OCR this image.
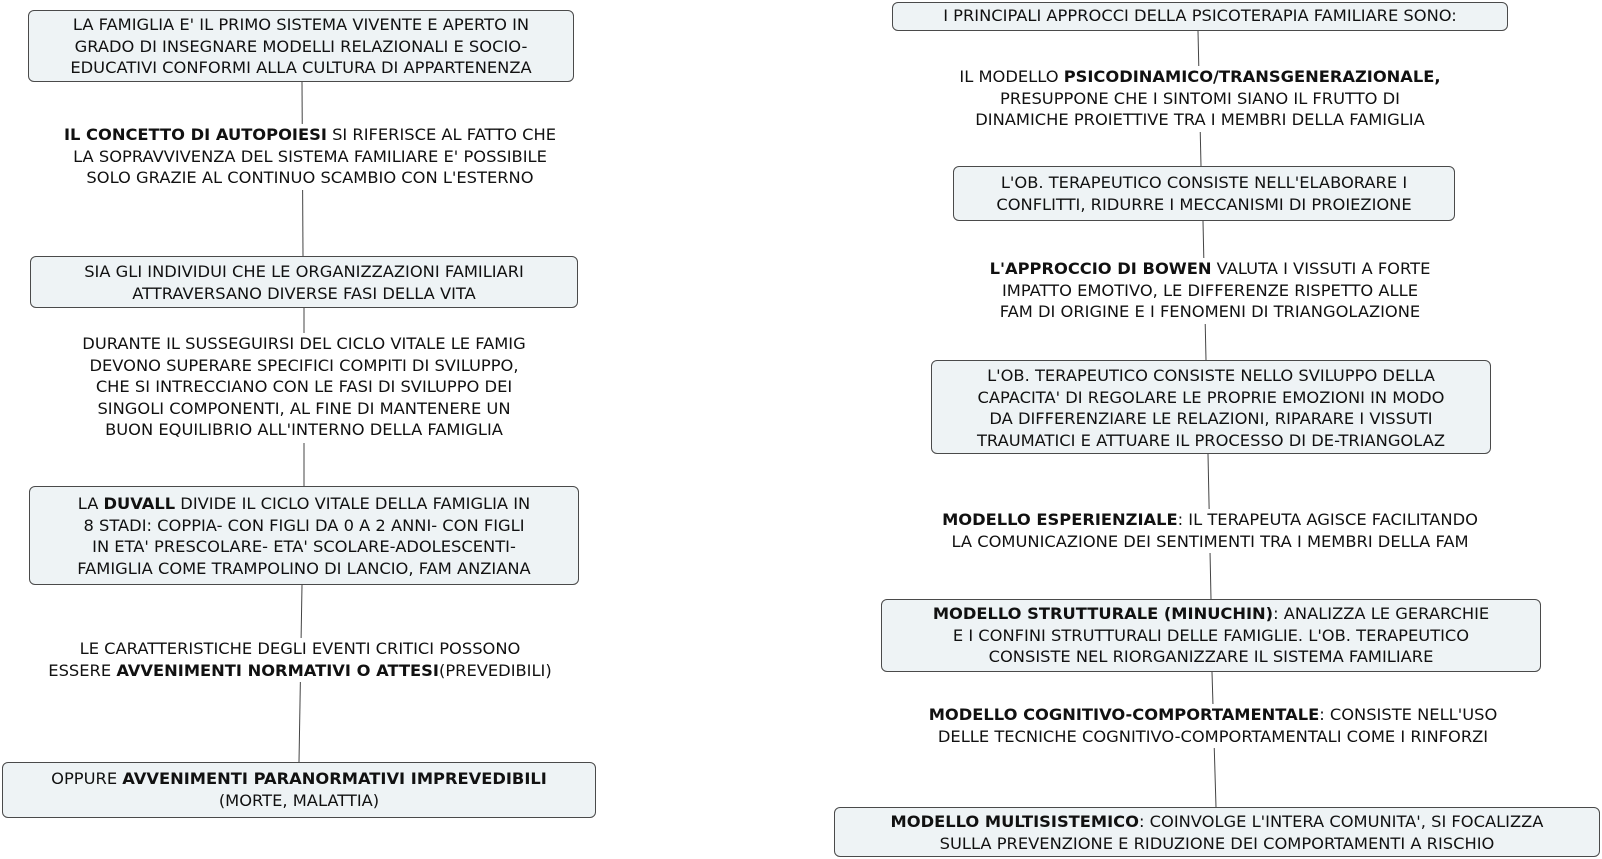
LA FAMIGLIA E' IL PRIMO SISTEMA VIVENTE E APERTO IN
GRADO DI INSEGNARE MODELLI RELAZIONALI E SOCIO-
EDUCATIVI CONFORMI ALLA CULTURA DI APPARTENENZA
IL CONCETTO DI AUTOPOIESI SI RIFERISCE AL FATTO CHE
LA SOPRAVVIVENZA DEL SISTEMA FAMILIARE E' POSSIBILE
SOLO GRAZIE AL CONTINUO SCAMBIO CON L'ESTERNO
SIA GLI INDIVIDUI CHE LE ORGANIZZAZIONI FAMILIARI
ATTRAVERSANO DIVERSE FASI DELLA VITA
DURANTE IL SUSSEGUIRSI DEL CICLO VITALE LE FAMIG
DEVONO SUPERARE SPECIFICI COMPITI DI SVILUPPO,
CHE SI INTRECCIANO CON LE FASI DI SVILUPPO DEI
SINGOLI COMPONENTI, AL FINE DI MANTENERE UN
BUON EQUILIBRIO ALL'INTERNO DELLA FAMIGLIA
LA DUVALL DIVIDE IL CICLO VITALE DELLA FAMIGLIA IN
8 STADI: COPPIA- CON FIGLI DA 0 A 2 ANNI- CON FIGLI
IN ETA' PRESCOLARE- ETA' SCOLARE-ADOLESCENTI-
FAMIGLIA COME TRAMPOLINO DI LANCIO, FAM ANZIANA
LE CARATTERISTICHE DEGLI EVENTI CRITICI POSSONO
ESSERE AVVENIMENTI NORMATIVI O ATTESI(PREVEDIBILI)
OPPURE AVVENIMENTI PARANORMATIVI IMPREVEDIBILI
(MORTE, MALATTIA)
I PRINCIPALI APPROCCI DELLA PSICOTERAPIA FAMILIARE SONO:
IL MODELLO PSICODINAMICO/TRANSGENERAZIONALE,
PRESUPPONE CHE I SINTOMI SIANO IL FRUTTO DI
DINAMICHE PROIETTIVE TRA I MEMBRI DELLA FAMIGLIA
L'OB. TERAPEUTICO CONSISTE NELL'ELABORARE I
CONFLITTI, RIDURRE I MECCANISMI DI PROIEZIONE
L'APPROCCIO DI BOWEN VALUTA I VISSUTI A FORTE
IMPATTO EMOTIVO, LE DIFFERENZE RISPETTO ALLE
FAM DI ORIGINE E I FENOMENI DI TRIANGOLAZIONE
L'OB. TERAPEUTICO CONSISTE NELLO SVILUPPO DELLA
CAPACITA' DI REGOLARE LE PROPRIE EMOZIONI IN MODO
DA DIFFERENZIARE LE RELAZIONI, RIPARARE I VISSUTI
TRAUMATICI E ATTUARE IL PROCESSO DI DE-TRIANGOLAZ
MODELLO ESPERIENZIALE: IL TERAPEUTA AGISCE FACILITANDO
LA COMUNICAZIONE DEI SENTIMENTI TRA I MEMBRI DELLA FAM
MODELLO STRUTTURALE (MINUCHIN): ANALIZZA LE GERARCHIE
E I CONFINI STRUTTURALI DELLE FAMIGLIE. L'OB. TERAPEUTICO
CONSISTE NEL RIORGANIZZARE IL SISTEMA FAMILIARE
MODELLO COGNITIVO-COMPORTAMENTALE: CONSISTE NELL'USO
DELLE TECNICHE COGNITIVO-COMPORTAMENTALI COME I RINFORZI
MODELLO MULTISISTEMICO: COINVOLGE L'INTERA COMUNITA', SI FOCALIZZA
SULLA PREVENZIONE E RIDUZIONE DEI COMPORTAMENTI A RISCHIO
